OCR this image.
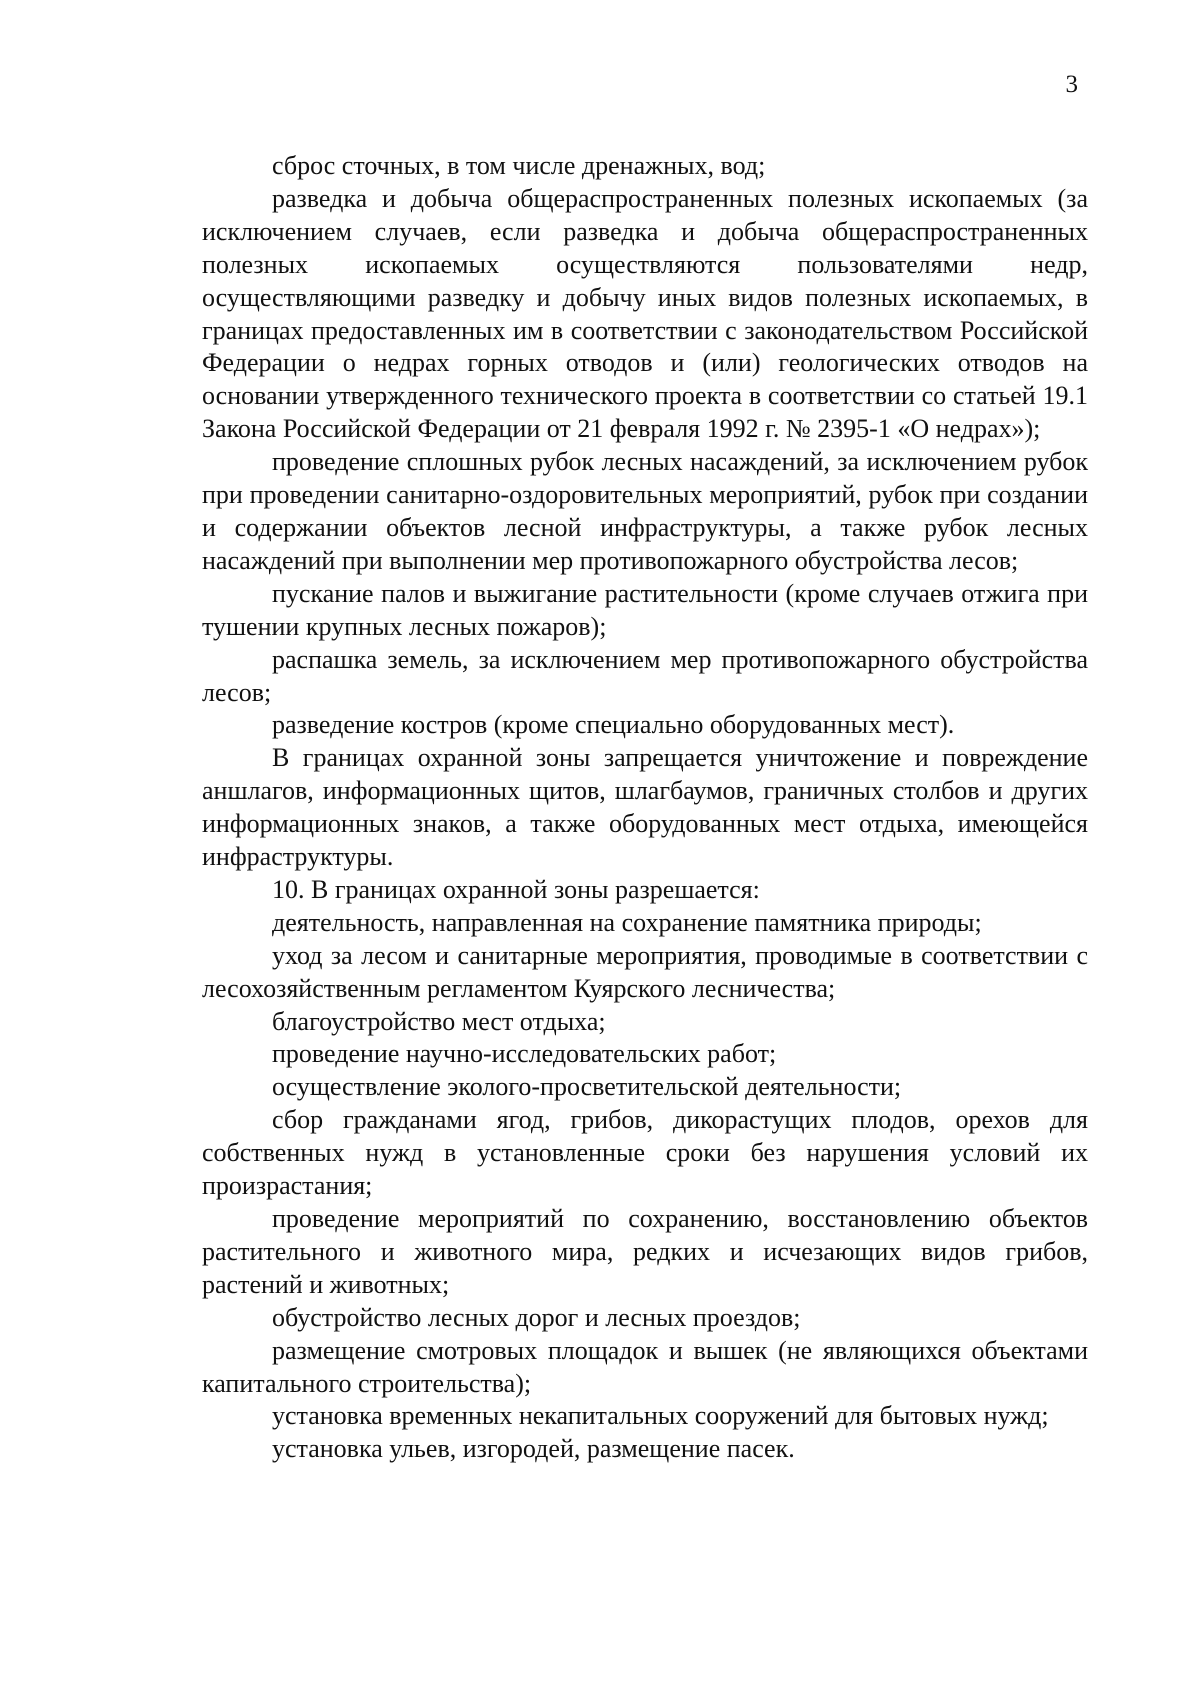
3

сброс сточных, в том числе дренажных, вод;

разведка и добыча общераспространенных полезных ископаемых (за исключением случаев, если разведка и добыча общераспространенных полезных ископаемых осуществляются пользователями недр, осуществляющими разведку и добычу иных видов полезных ископаемых, в границах предоставленных им в соответствии с законодательством Российской Федерации о недрах горных отводов и (или) геологических отводов на основании утвержденного технического проекта в соответствии со статьей 19.1 Закона Российской Федерации от 21 февраля 1992 г. № 2395-1 «О недрах»);

проведение сплошных рубок лесных насаждений, за исключением рубок при проведении санитарно-оздоровительных мероприятий, рубок при создании и содержании объектов лесной инфраструктуры, а также рубок лесных насаждений при выполнении мер противопожарного обустройства лесов;

пускание палов и выжигание растительности (кроме случаев отжига при тушении крупных лесных пожаров);

распашка земель, за исключением мер противопожарного обустройства лесов;

разведение костров (кроме специально оборудованных мест).

В границах охранной зоны запрещается уничтожение и повреждение аншлагов, информационных щитов, шлагбаумов, граничных столбов и других информационных знаков, а также оборудованных мест отдыха, имеющейся инфраструктуры.

10. В границах охранной зоны разрешается:

деятельность, направленная на сохранение памятника природы;

уход за лесом и санитарные мероприятия, проводимые в соответствии с лесохозяйственным регламентом Куярского лесничества;

благоустройство мест отдыха;

проведение научно-исследовательских работ;

осуществление эколого-просветительской деятельности;

сбор гражданами ягод, грибов, дикорастущих плодов, орехов для собственных нужд в установленные сроки без нарушения условий их произрастания;

проведение мероприятий по сохранению, восстановлению объектов растительного и животного мира, редких и исчезающих видов грибов, растений и животных;

обустройство лесных дорог и лесных проездов;

размещение смотровых площадок и вышек (не являющихся объектами капитального строительства);

установка временных некапитальных сооружений для бытовых нужд;

установка ульев, изгородей, размещение пасек.
